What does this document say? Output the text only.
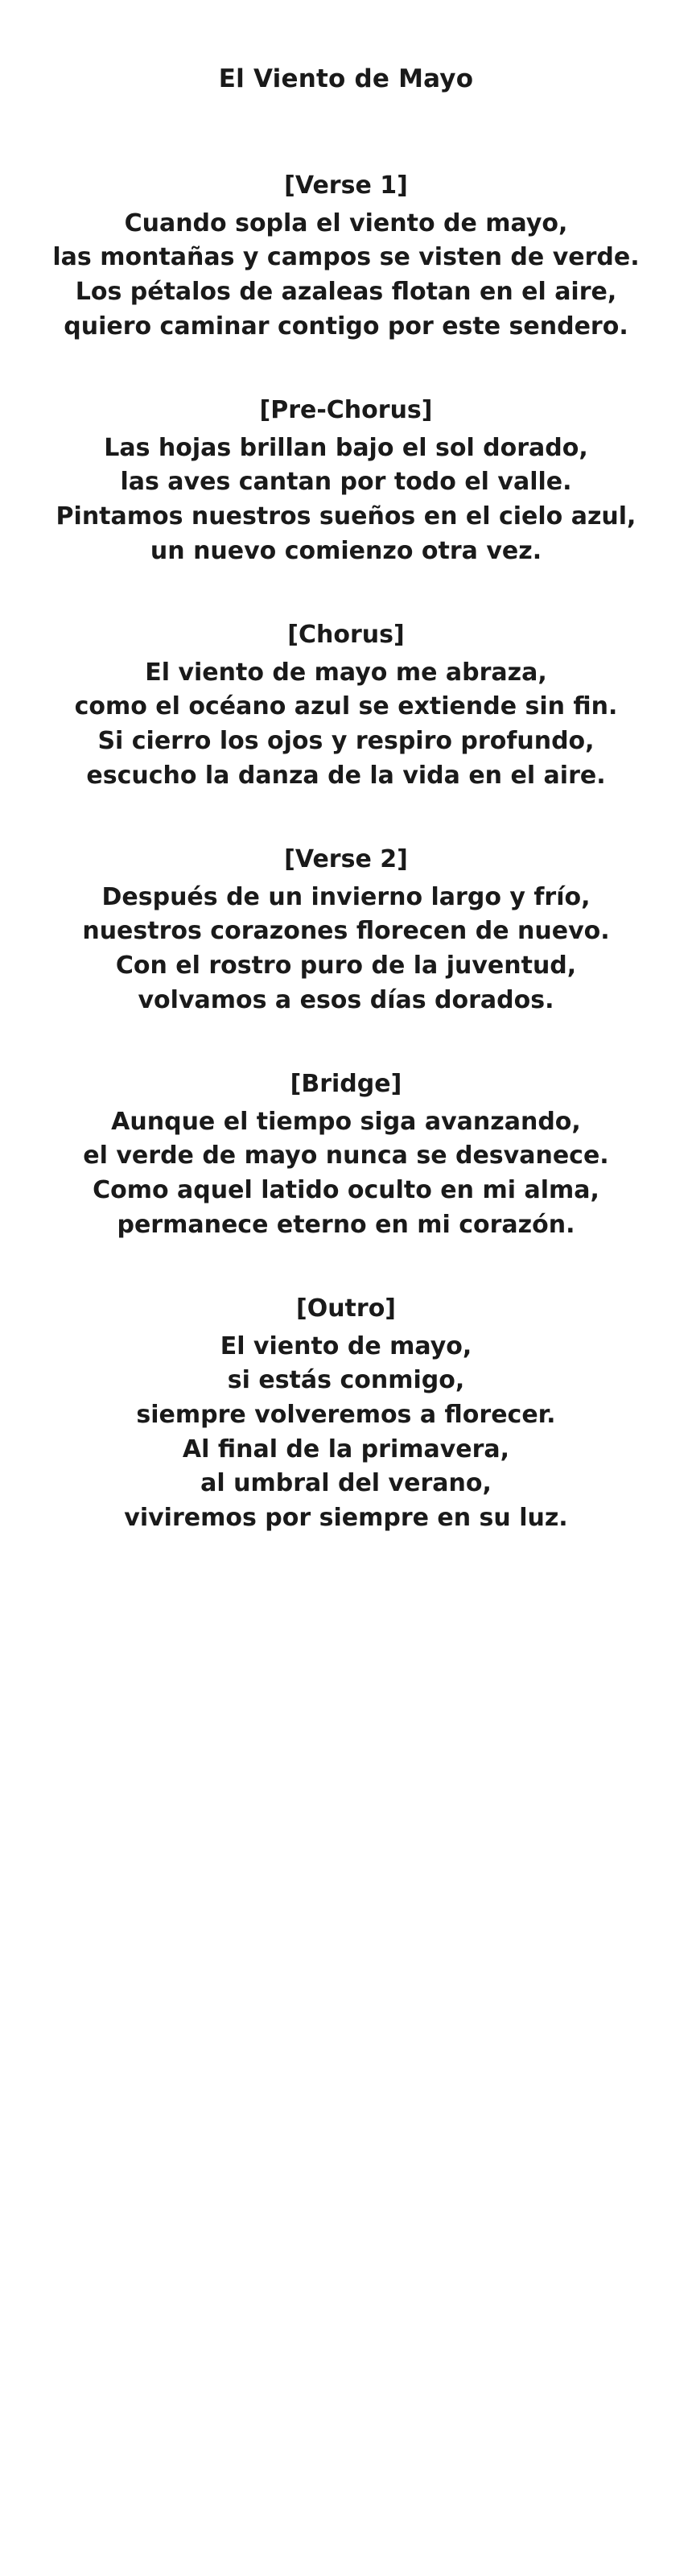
El Viento de Mayo
[Verse 1]
Cuando sopla el viento de mayo,
las montañas y campos se visten de verde.
Los pétalos de azaleas flotan en el aire,
quiero caminar contigo por este sendero.
[Pre-Chorus]
Las hojas brillan bajo el sol dorado,
las aves cantan por todo el valle.
Pintamos nuestros sueños en el cielo azul,
un nuevo comienzo otra vez.
[Chorus]
El viento de mayo me abraza,
como el océano azul se extiende sin fin.
Si cierro los ojos y respiro profundo,
escucho la danza de la vida en el aire.
[Verse 2]
Después de un invierno largo y frío,
nuestros corazones florecen de nuevo.
Con el rostro puro de la juventud,
volvamos a esos días dorados.
[Bridge]
Aunque el tiempo siga avanzando,
el verde de mayo nunca se desvanece.
Como aquel latido oculto en mi alma,
permanece eterno en mi corazón.
[Outro]
El viento de mayo,
si estás conmigo,
siempre volveremos a florecer.
Al final de la primavera,
al umbral del verano,
viviremos por siempre en su luz.
